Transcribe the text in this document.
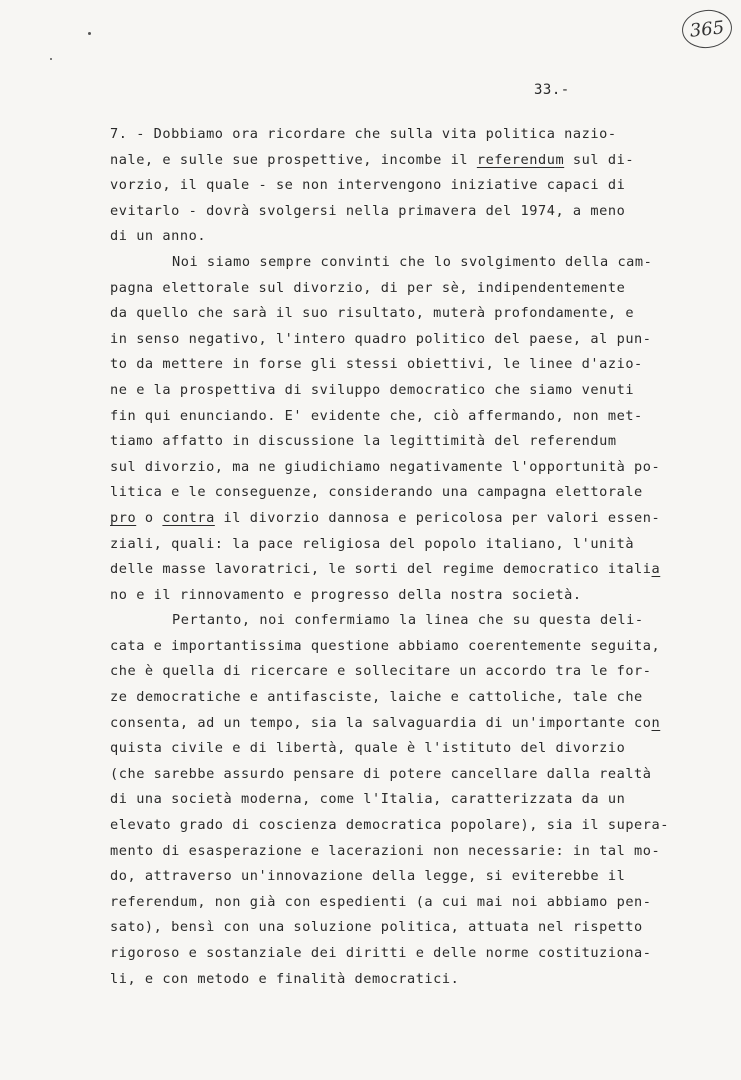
365
33.-
7. - Dobbiamo ora ricordare che sulla vita politica nazio-
nale, e sulle sue prospettive, incombe il referendum sul di-
vorzio, il quale - se non intervengono iniziative capaci di
evitarlo - dovrà svolgersi nella primavera del 1974, a meno
di un anno.
Noi siamo sempre convinti che lo svolgimento della cam-
pagna elettorale sul divorzio, di per sè, indipendentemente
da quello che sarà il suo risultato, muterà profondamente, e
in senso negativo, l'intero quadro politico del paese, al pun-
to da mettere in forse gli stessi obiettivi, le linee d'azio-
ne e la prospettiva di sviluppo democratico che siamo venuti
fin qui enunciando. E' evidente che, ciò affermando, non met-
tiamo affatto in discussione la legittimità del referendum
sul divorzio, ma ne giudichiamo negativamente l'opportunità po-
litica e le conseguenze, considerando una campagna elettorale
pro o contra il divorzio dannosa e pericolosa per valori essen-
ziali, quali: la pace religiosa del popolo italiano, l'unità
delle masse lavoratrici, le sorti del regime democratico italia
no e il rinnovamento e progresso della nostra società.
Pertanto, noi confermiamo la linea che su questa deli-
cata e importantissima questione abbiamo coerentemente seguita,
che è quella di ricercare e sollecitare un accordo tra le for-
ze democratiche e antifasciste, laiche e cattoliche, tale che
consenta, ad un tempo, sia la salvaguardia di un'importante con
quista civile e di libertà, quale è l'istituto del divorzio
(che sarebbe assurdo pensare di potere cancellare dalla realtà
di una società moderna, come l'Italia, caratterizzata da un
elevato grado di coscienza democratica popolare), sia il supera-
mento di esasperazione e lacerazioni non necessarie: in tal mo-
do, attraverso un'innovazione della legge, si eviterebbe il
referendum, non già con espedienti (a cui mai noi abbiamo pen-
sato), bensì con una soluzione politica, attuata nel rispetto
rigoroso e sostanziale dei diritti e delle norme costituziona-
li, e con metodo e finalità democratici.
